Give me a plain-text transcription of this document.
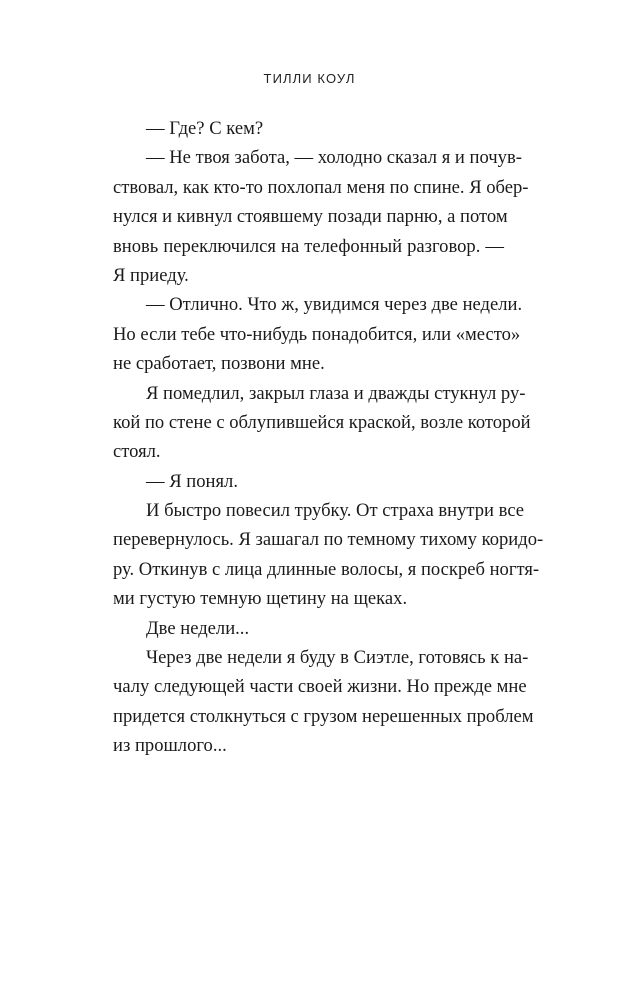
ТИЛЛИ КОУЛ
— Где? С кем?
— Не твоя забота, — холодно сказал я и почув-
ствовал, как кто-то похлопал меня по спине. Я обер-
нулся и кивнул стоявшему позади парню, а потом
вновь переключился на телефонный разговор. —
Я приеду.
— Отлично. Что ж, увидимся через две недели.
Но если тебе что-нибудь понадобится, или «место»
не сработает, позвони мне.
Я помедлил, закрыл глаза и дважды стукнул ру-
кой по стене с облупившейся краской, возле которой
стоял.
— Я понял.
И быстро повесил трубку. От страха внутри все
перевернулось. Я зашагал по темному тихому коридо-
ру. Откинув с лица длинные волосы, я поскреб ногтя-
ми густую темную щетину на щеках.
Две недели...
Через две недели я буду в Сиэтле, готовясь к на-
чалу следующей части своей жизни. Но прежде мне
придется столкнуться с грузом нерешенных проблем
из прошлого...
